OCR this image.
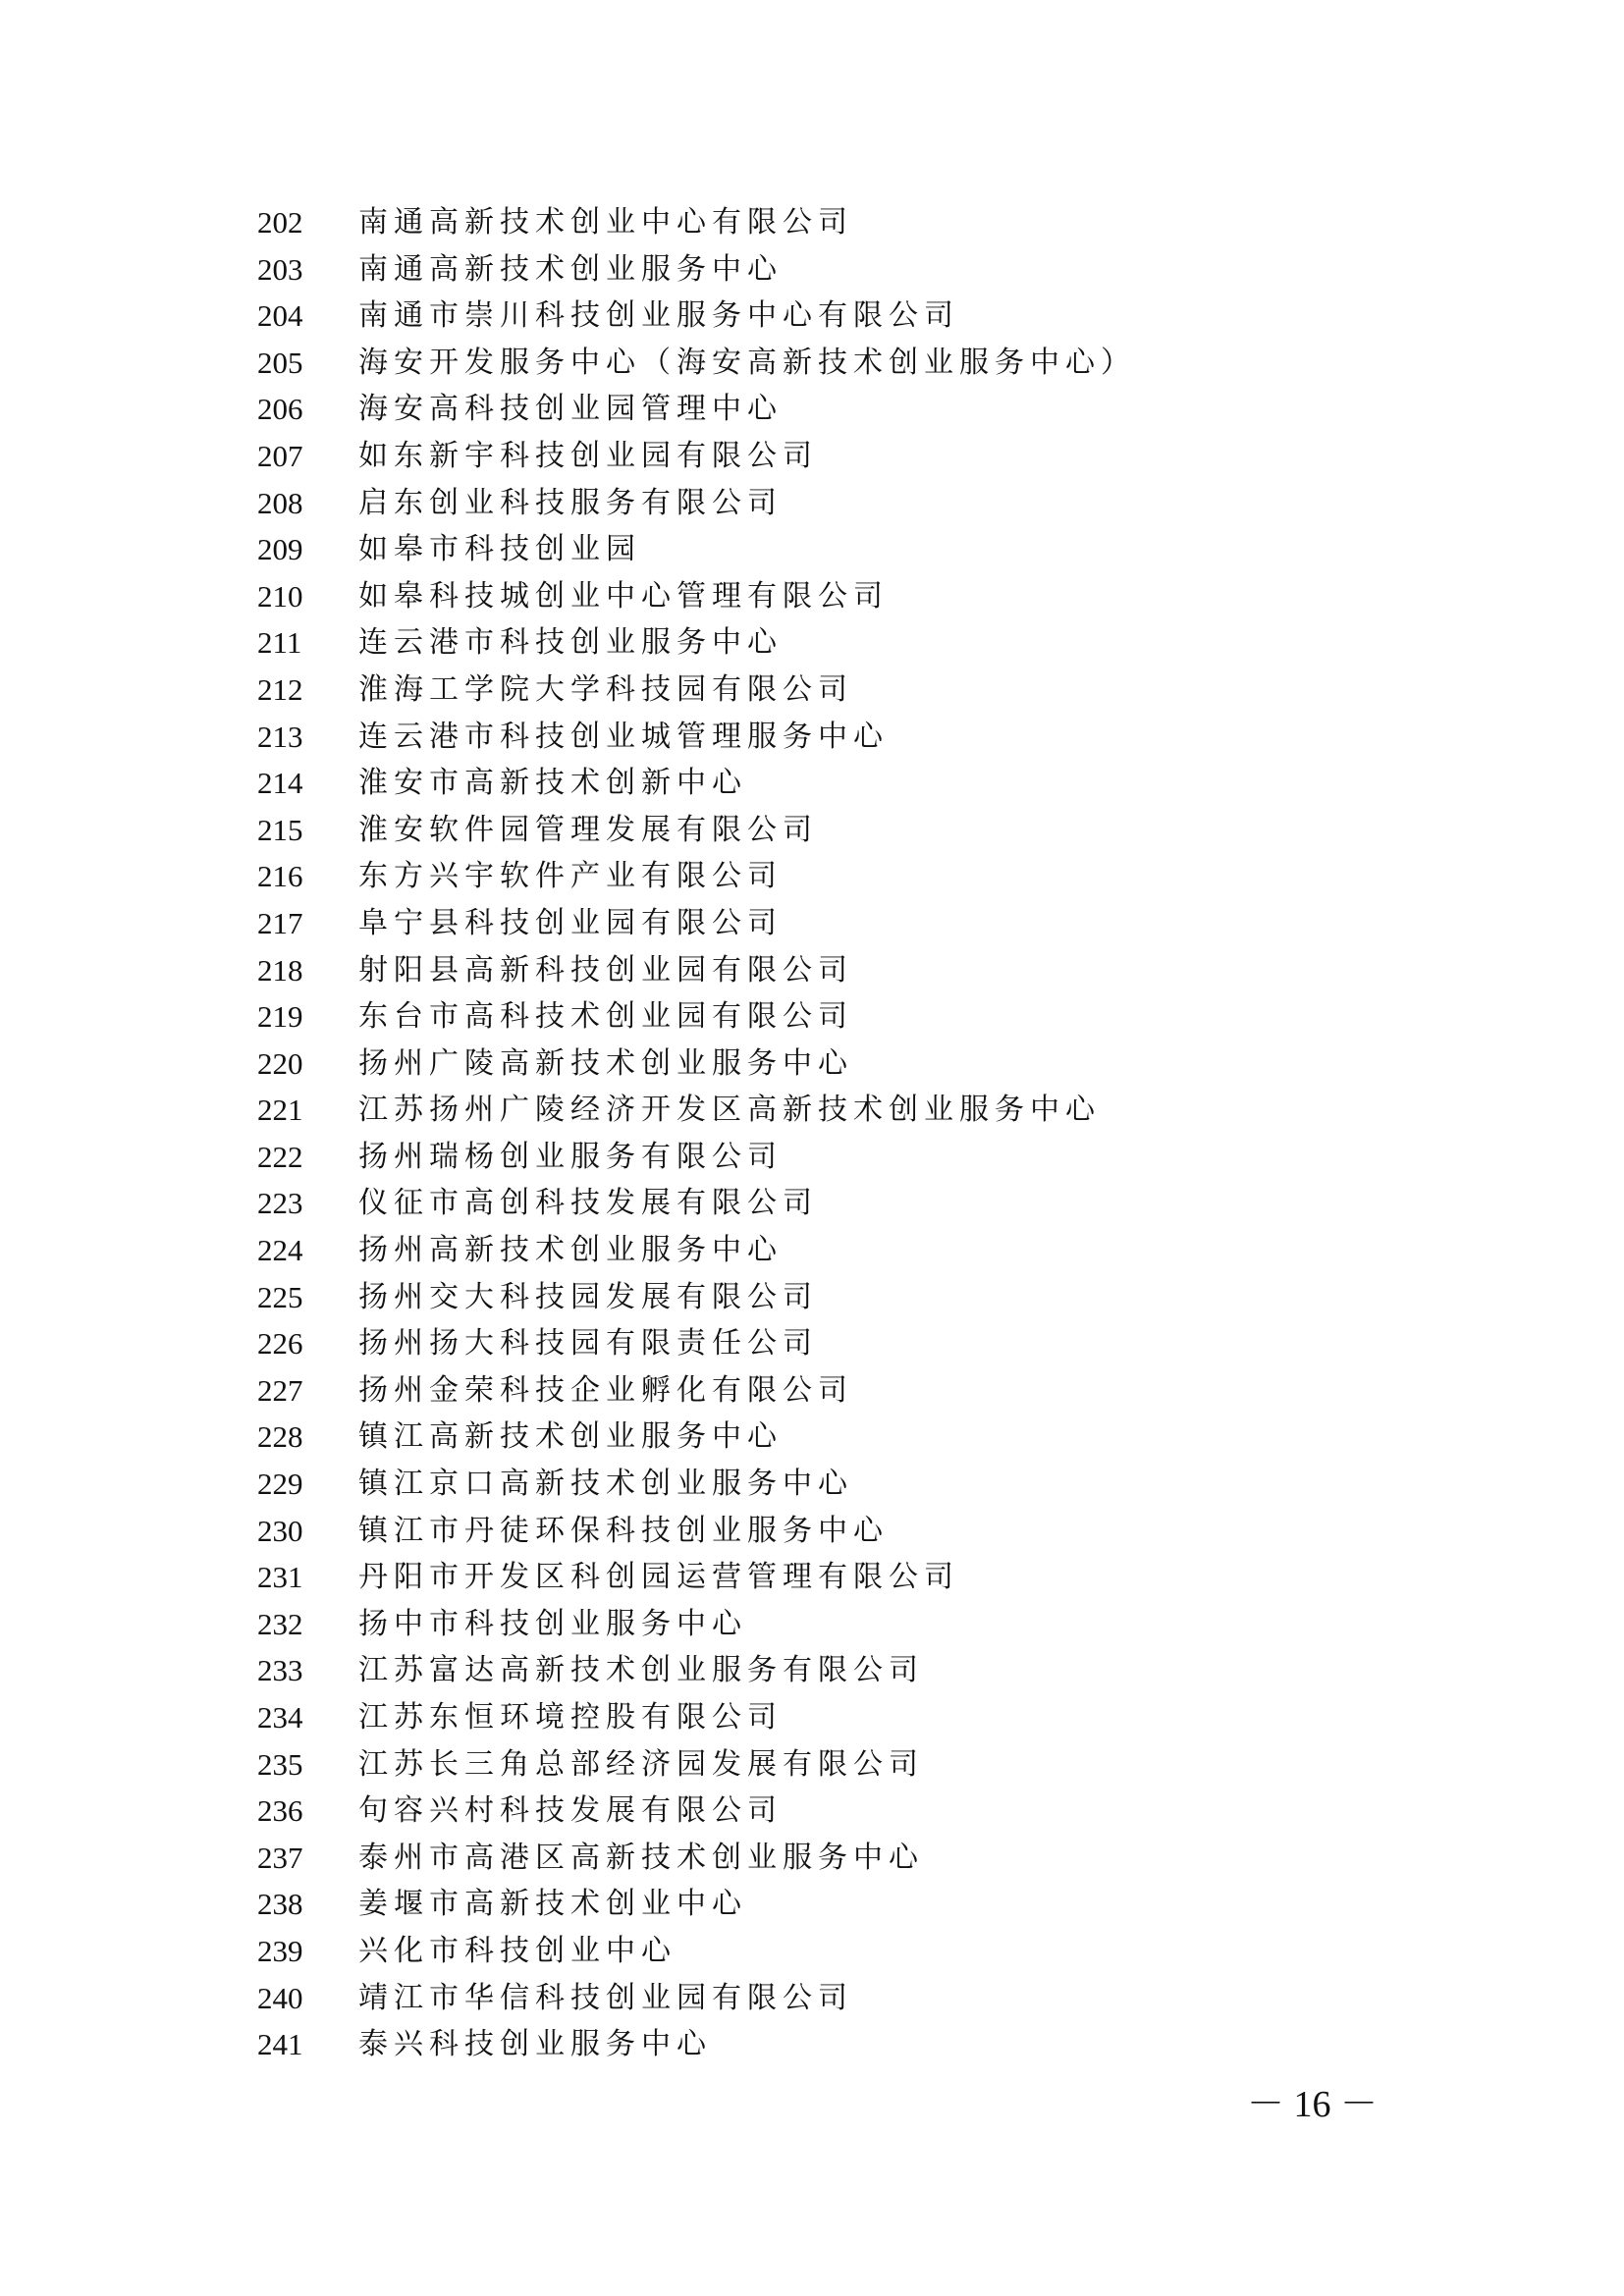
202	南通高新技术创业中心有限公司
203	南通高新技术创业服务中心
204	南通市崇川科技创业服务中心有限公司
205	海安开发服务中心（海安高新技术创业服务中心）
206	海安高科技创业园管理中心
207	如东新宇科技创业园有限公司
208	启东创业科技服务有限公司
209	如皋市科技创业园
210	如皋科技城创业中心管理有限公司
211	连云港市科技创业服务中心
212	淮海工学院大学科技园有限公司
213	连云港市科技创业城管理服务中心
214	淮安市高新技术创新中心
215	淮安软件园管理发展有限公司
216	东方兴宇软件产业有限公司
217	阜宁县科技创业园有限公司
218	射阳县高新科技创业园有限公司
219	东台市高科技术创业园有限公司
220	扬州广陵高新技术创业服务中心
221	江苏扬州广陵经济开发区高新技术创业服务中心
222	扬州瑞杨创业服务有限公司
223	仪征市高创科技发展有限公司
224	扬州高新技术创业服务中心
225	扬州交大科技园发展有限公司
226	扬州扬大科技园有限责任公司
227	扬州金荣科技企业孵化有限公司
228	镇江高新技术创业服务中心
229	镇江京口高新技术创业服务中心
230	镇江市丹徒环保科技创业服务中心
231	丹阳市开发区科创园运营管理有限公司
232	扬中市科技创业服务中心
233	江苏富达高新技术创业服务有限公司
234	江苏东恒环境控股有限公司
235	江苏长三角总部经济园发展有限公司
236	句容兴村科技发展有限公司
237	泰州市高港区高新技术创业服务中心
238	姜堰市高新技术创业中心
239	兴化市科技创业中心
240	靖江市华信科技创业园有限公司
241	泰兴科技创业服务中心
－ 16 －
